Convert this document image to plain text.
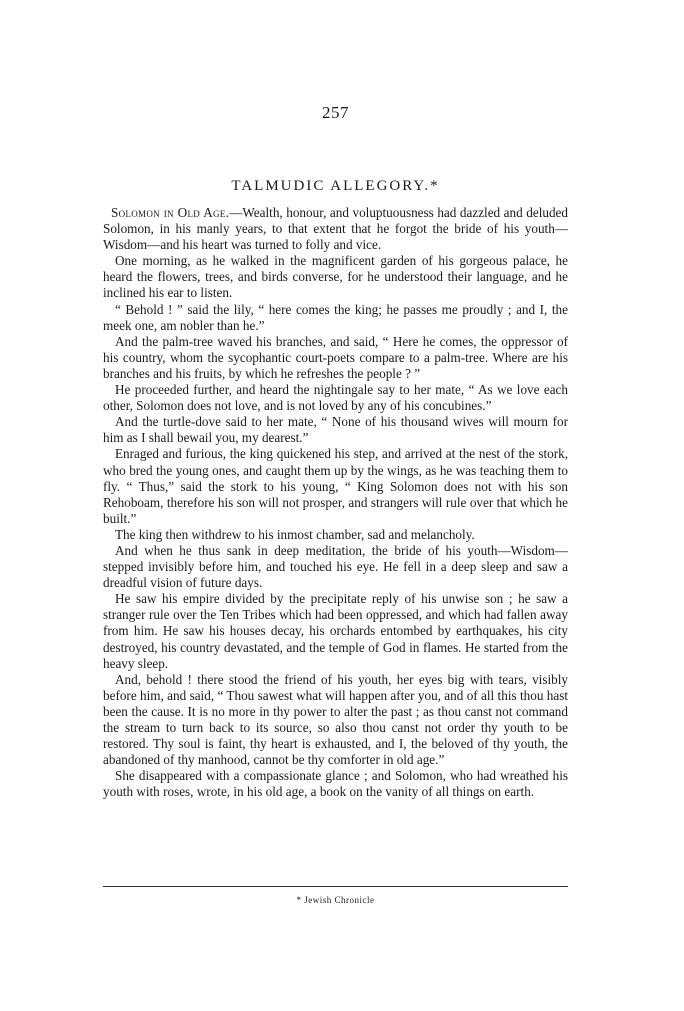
257
TALMUDIC ALLEGORY.*

Solomon in Old Age.—Wealth, honour, and voluptuousness had dazzled and deluded Solomon, in his manly years, to that extent that he forgot the bride of his youth—Wisdom—and his heart was turned to folly and vice.

One morning, as he walked in the magnificent garden of his gorgeous palace, he heard the flowers, trees, and birds converse, for he understood their language, and he inclined his ear to listen.

“ Behold ! ” said the lily, “ here comes the king; he passes me proudly ; and I, the meek one, am nobler than he.”

And the palm-tree waved his branches, and said, “ Here he comes, the oppressor of his country, whom the sycophantic court-poets compare to a palm-tree. Where are his branches and his fruits, by which he refreshes the people ? ”

He proceeded further, and heard the nightingale say to her mate, “ As we love each other, Solomon does not love, and is not loved by any of his concubines.”

And the turtle-dove said to her mate, “ None of his thousand wives will mourn for him as I shall bewail you, my dearest.”

Enraged and furious, the king quickened his step, and arrived at the nest of the stork, who bred the young ones, and caught them up by the wings, as he was teaching them to fly. “ Thus,” said the stork to his young, “ King Solomon does not with his son Rehoboam, therefore his son will not prosper, and strangers will rule over that which he built.”

The king then withdrew to his inmost chamber, sad and melancholy.

And when he thus sank in deep meditation, the bride of his youth—Wisdom—stepped invisibly before him, and touched his eye. He fell in a deep sleep and saw a dreadful vision of future days.

He saw his empire divided by the precipitate reply of his unwise son ; he saw a stranger rule over the Ten Tribes which had been oppressed, and which had fallen away from him. He saw his houses decay, his orchards entombed by earthquakes, his city destroyed, his country devastated, and the temple of God in flames. He started from the heavy sleep.

And, behold ! there stood the friend of his youth, her eyes big with tears, visibly before him, and said, “ Thou sawest what will happen after you, and of all this thou hast been the cause. It is no more in thy power to alter the past ; as thou canst not command the stream to turn back to its source, so also thou canst not order thy youth to be restored. Thy soul is faint, thy heart is exhausted, and I, the beloved of thy youth, the abandoned of thy manhood, cannot be thy comforter in old age.”

She disappeared with a compassionate glance ; and Solomon, who had wreathed his youth with roses, wrote, in his old age, a book on the vanity of all things on earth.

* Jewish Chronicle
